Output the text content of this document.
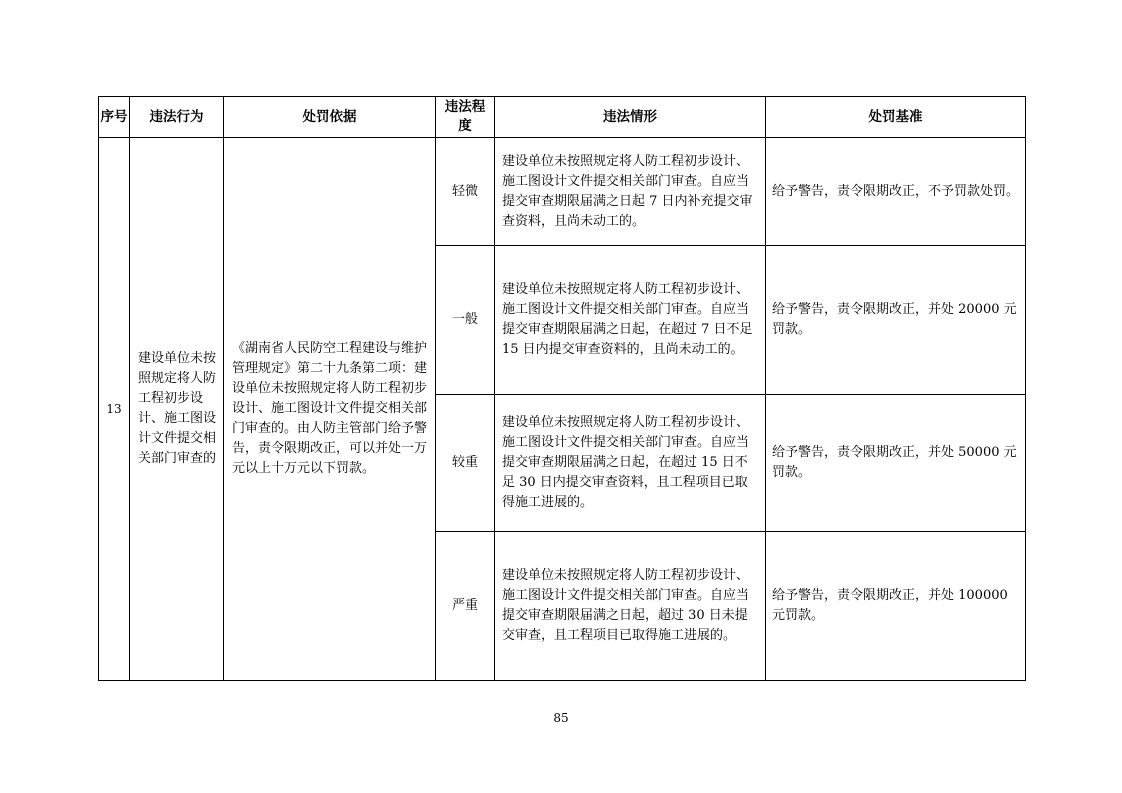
序号	违法行为	处罚依据	违法程度	违法情形	处罚基准
13	建设单位未按照规定将人防工程初步设计、施工图设计文件提交相关部门审查的	《湖南省人民防空工程建设与维护管理规定》第二十九条第二项：建设单位未按照规定将人防工程初步设计、施工图设计文件提交相关部门审查的。由人防主管部门给予警告，责令限期改正，可以并处一万元以上十万元以下罚款。	轻微	建设单位未按照规定将人防工程初步设计、施工图设计文件提交相关部门审查。自应当提交审查期限届满之日起 7 日内补充提交审查资料，且尚未动工的。	给予警告，责令限期改正，不予罚款处罚。
			一般	建设单位未按照规定将人防工程初步设计、施工图设计文件提交相关部门审查。自应当提交审查期限届满之日起，在超过 7 日不足 15 日内提交审查资料的，且尚未动工的。	给予警告，责令限期改正，并处 20000 元罚款。
			较重	建设单位未按照规定将人防工程初步设计、施工图设计文件提交相关部门审查。自应当提交审查期限届满之日起，在超过 15 日不足 30 日内提交审查资料，且工程项目已取得施工进展的。	给予警告，责令限期改正，并处 50000 元罚款。
			严重	建设单位未按照规定将人防工程初步设计、施工图设计文件提交相关部门审查。自应当提交审查期限届满之日起，超过 30 日未提交审查，且工程项目已取得施工进展的。	给予警告，责令限期改正，并处 100000 元罚款。
85
